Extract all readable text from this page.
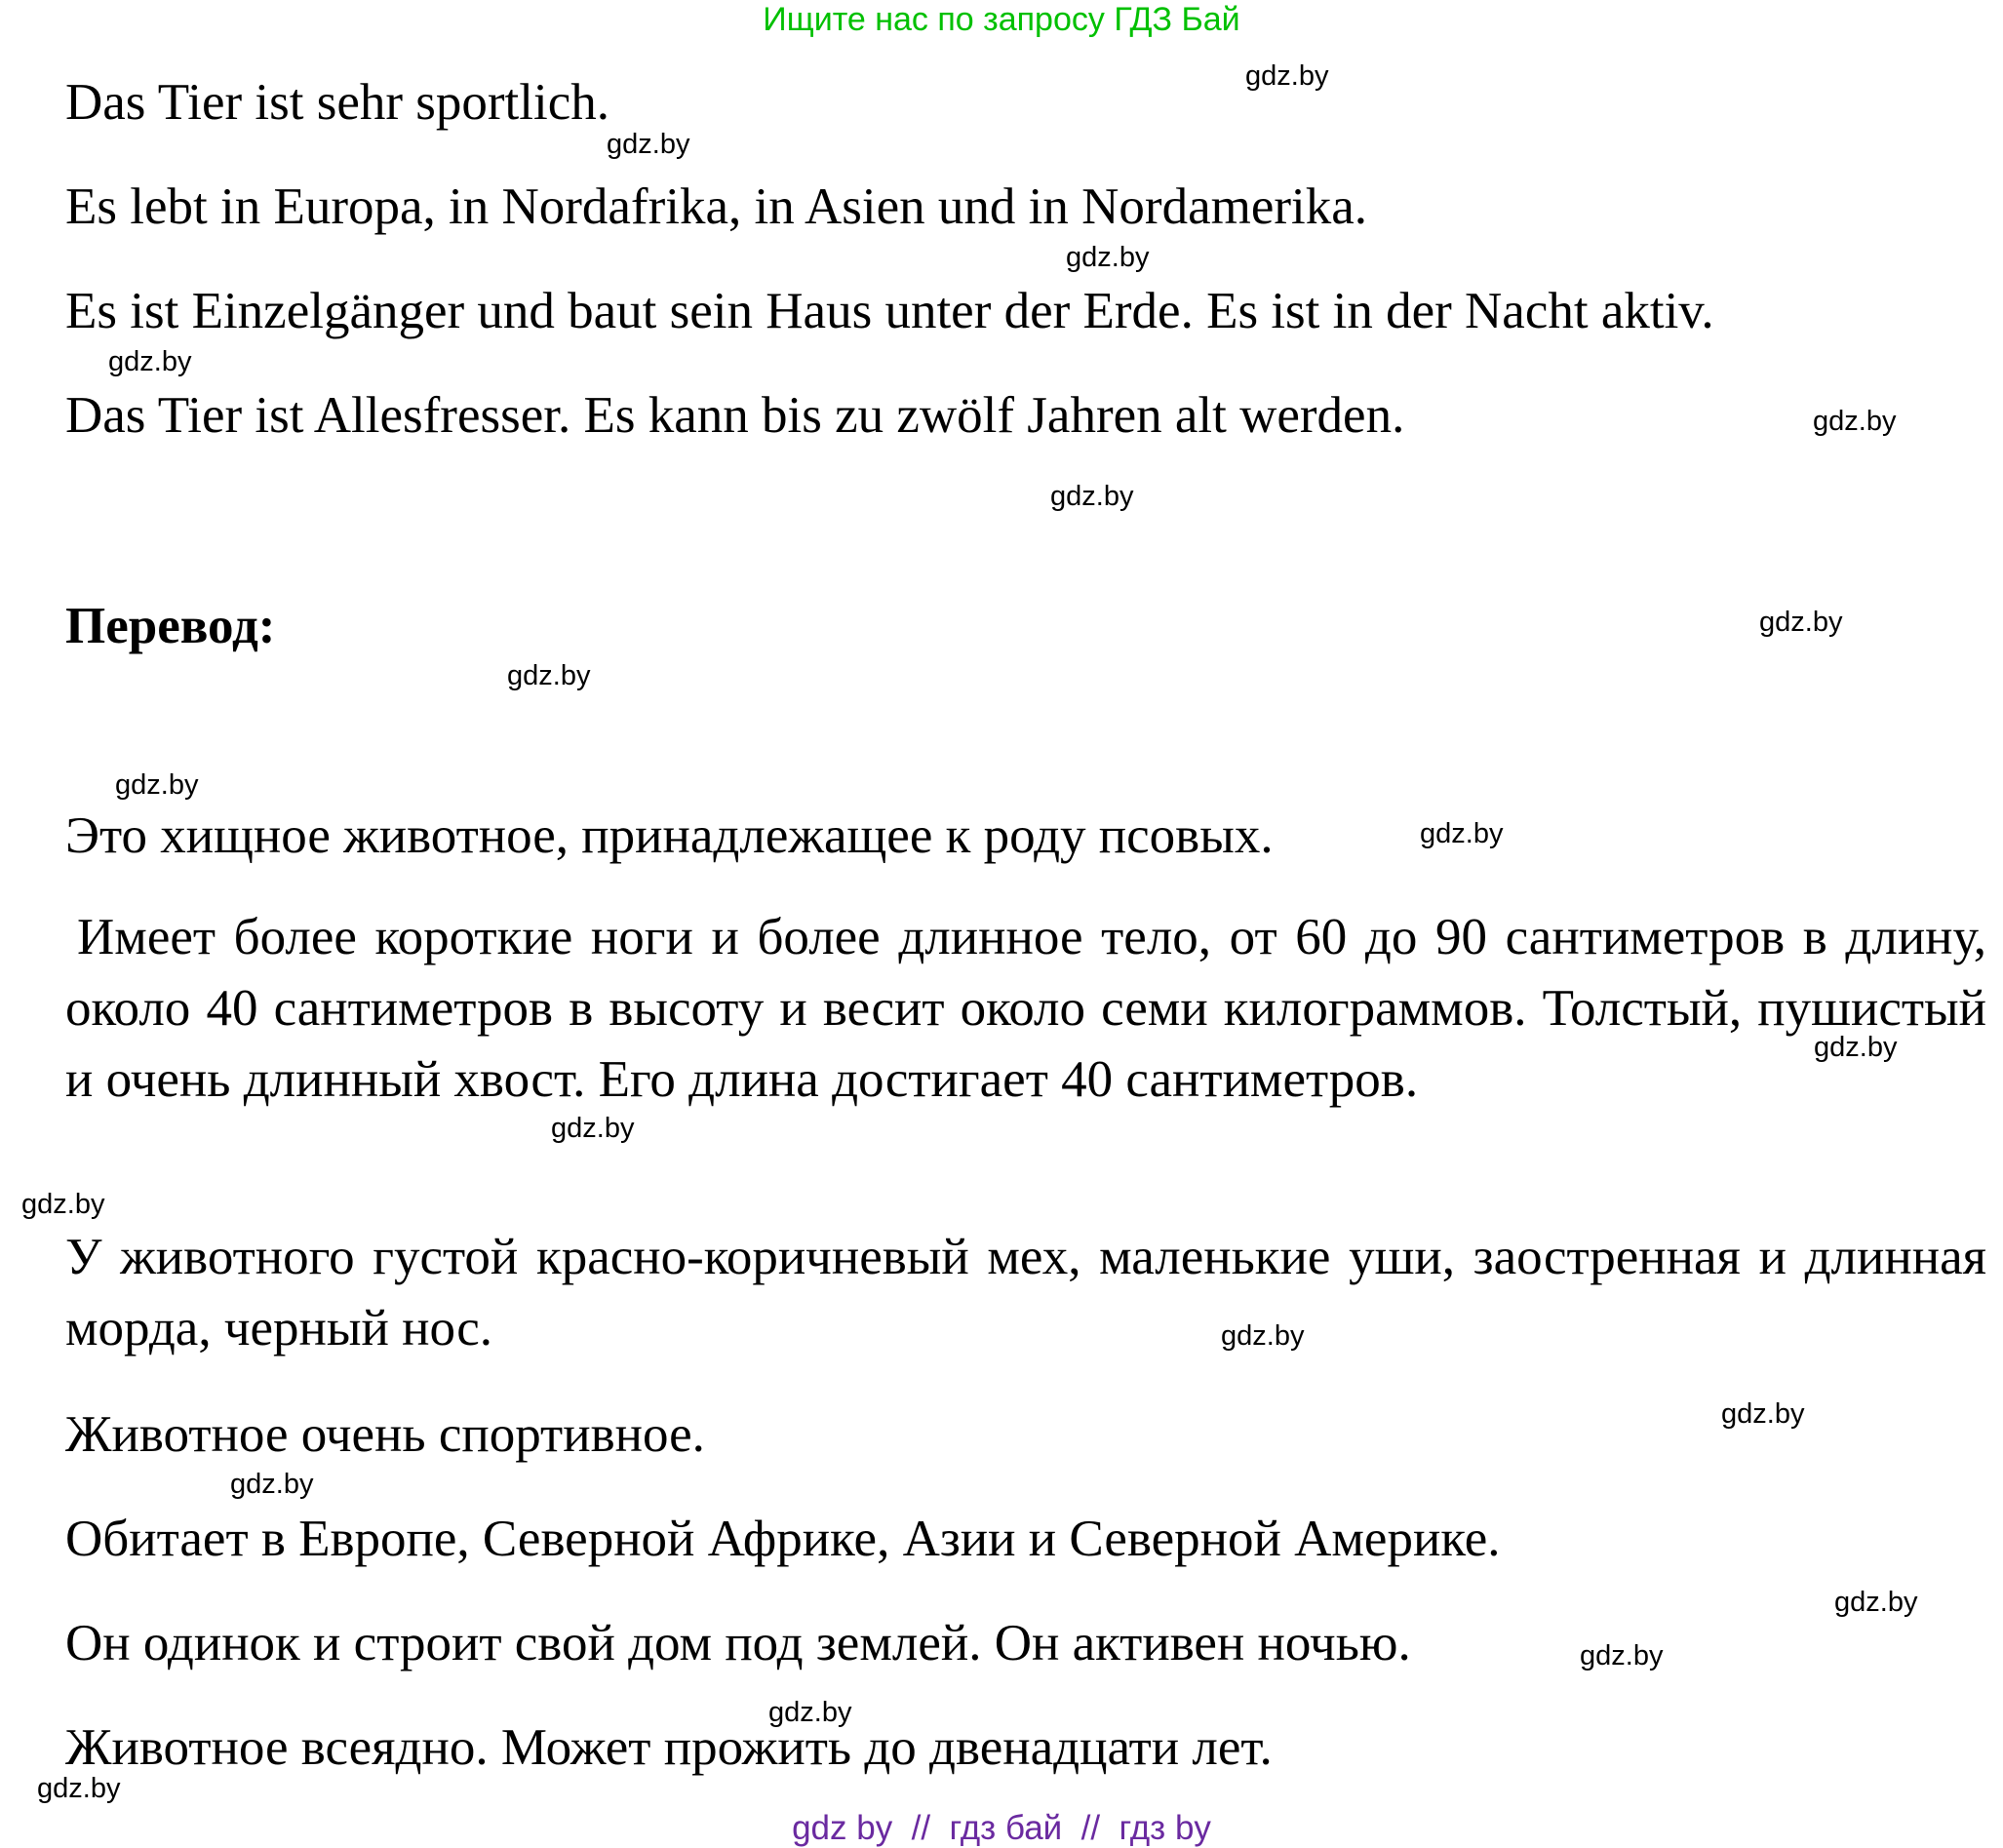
Ищите нас по запросу ГДЗ Бай
Das Tier ist sehr sportlich.
Es lebt in Europa, in Nordafrika, in Asien und in Nordamerika.
Es ist Einzelgänger und baut sein Haus unter der Erde. Es ist in der Nacht aktiv.
Das Tier ist Allesfresser. Es kann bis zu zwölf Jahren alt werden.
Перевод:
Это хищное животное, принадлежащее к роду псовых.
Имеет более короткие ноги и более длинное тело, от 60 до 90 сантиметров в длину, около 40 сантиметров в высоту и весит около семи килограммов. Толстый, пушистый и очень длинный хвост. Его длина достигает 40 сантиметров.
У животного густой красно-коричневый мех, маленькие уши, заостренная и длинная морда, черный нос.
Животное очень спортивное.
Обитает в Европе, Северной Африке, Азии и Северной Америке.
Он одинок и строит свой дом под землей. Он активен ночью.
Животное всеядно. Может прожить до двенадцати лет.
gdz.by
gdz.by
gdz.by
gdz.by
gdz.by
gdz.by
gdz.by
gdz.by
gdz.by
gdz.by
gdz.by
gdz.by
gdz.by
gdz.by
gdz.by
gdz.by
gdz.by
gdz.by
gdz.by
gdz.by
gdz by  //  гдз бай  //  гдз by
